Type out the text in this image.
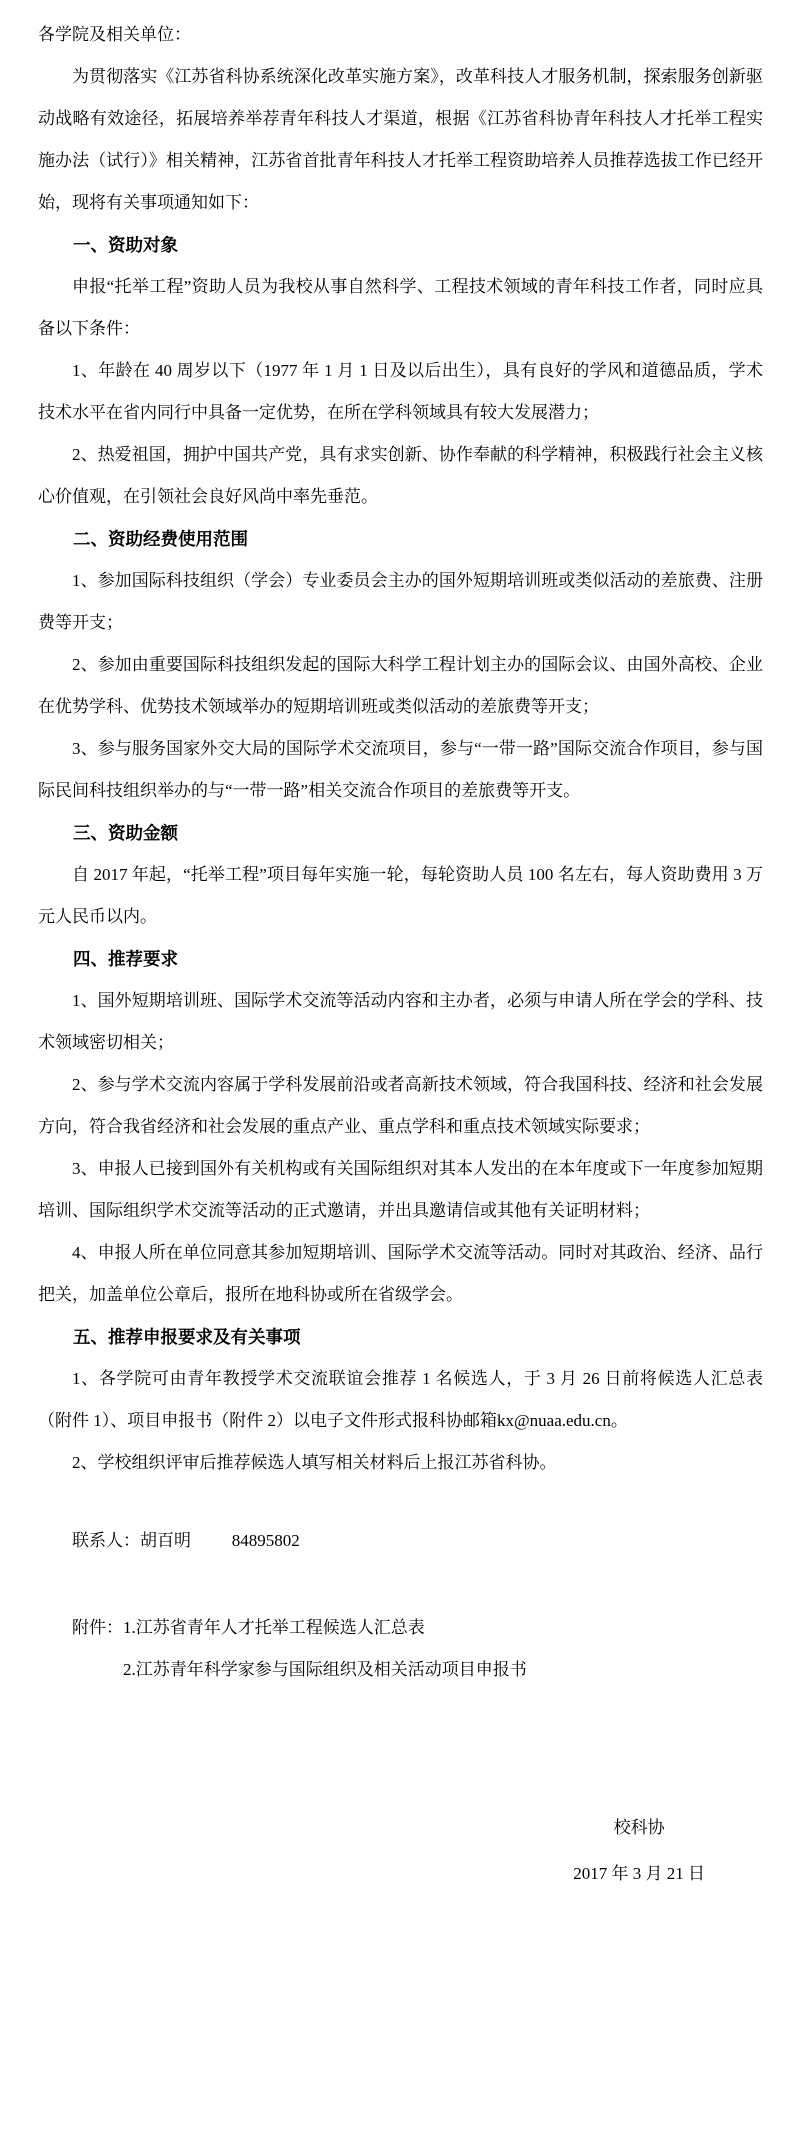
各学院及相关单位：

为贯彻落实《江苏省科协系统深化改革实施方案》，改革科技人才服务机制，探索服务创新驱动战略有效途径，拓展培养举荐青年科技人才渠道，根据《江苏省科协青年科技人才托举工程实施办法（试行）》相关精神，江苏省首批青年科技人才托举工程资助培养人员推荐选拔工作已经开始，现将有关事项通知如下：

一、资助对象

申报“托举工程”资助人员为我校从事自然科学、工程技术领域的青年科技工作者，同时应具备以下条件：

1、年龄在 40 周岁以下（1977 年 1 月 1 日及以后出生），具有良好的学风和道德品质，学术技术水平在省内同行中具备一定优势，在所在学科领域具有较大发展潜力；

2、热爱祖国，拥护中国共产党，具有求实创新、协作奉献的科学精神，积极践行社会主义核心价值观，在引领社会良好风尚中率先垂范。

二、资助经费使用范围

1、参加国际科技组织（学会）专业委员会主办的国外短期培训班或类似活动的差旅费、注册费等开支；

2、参加由重要国际科技组织发起的国际大科学工程计划主办的国际会议、由国外高校、企业在优势学科、优势技术领域举办的短期培训班或类似活动的差旅费等开支；

3、参与服务国家外交大局的国际学术交流项目，参与“一带一路”国际交流合作项目，参与国际民间科技组织举办的与“一带一路”相关交流合作项目的差旅费等开支。

三、资助金额

自 2017 年起，“托举工程”项目每年实施一轮，每轮资助人员 100 名左右，每人资助费用 3 万元人民币以内。

四、推荐要求

1、国外短期培训班、国际学术交流等活动内容和主办者，必须与申请人所在学会的学科、技术领域密切相关；

2、参与学术交流内容属于学科发展前沿或者高新技术领域，符合我国科技、经济和社会发展方向，符合我省经济和社会发展的重点产业、重点学科和重点技术领域实际要求；

3、申报人已接到国外有关机构或有关国际组织对其本人发出的在本年度或下一年度参加短期培训、国际组织学术交流等活动的正式邀请，并出具邀请信或其他有关证明材料；

4、申报人所在单位同意其参加短期培训、国际学术交流等活动。同时对其政治、经济、品行把关，加盖单位公章后，报所在地科协或所在省级学会。

五、推荐申报要求及有关事项

1、各学院可由青年教授学术交流联谊会推荐 1 名候选人，于 3 月 26 日前将候选人汇总表（附件 1）、项目申报书（附件 2）以电子文件形式报科协邮箱kx@nuaa.edu.cn。

2、学校组织评审后推荐候选人填写相关材料后上报江苏省科协。

联系人：胡百明 84895802

附件： 1.江苏省青年人才托举工程候选人汇总表
2.江苏青年科学家参与国际组织及相关活动项目申报书
校科协
2017 年 3 月 21 日
